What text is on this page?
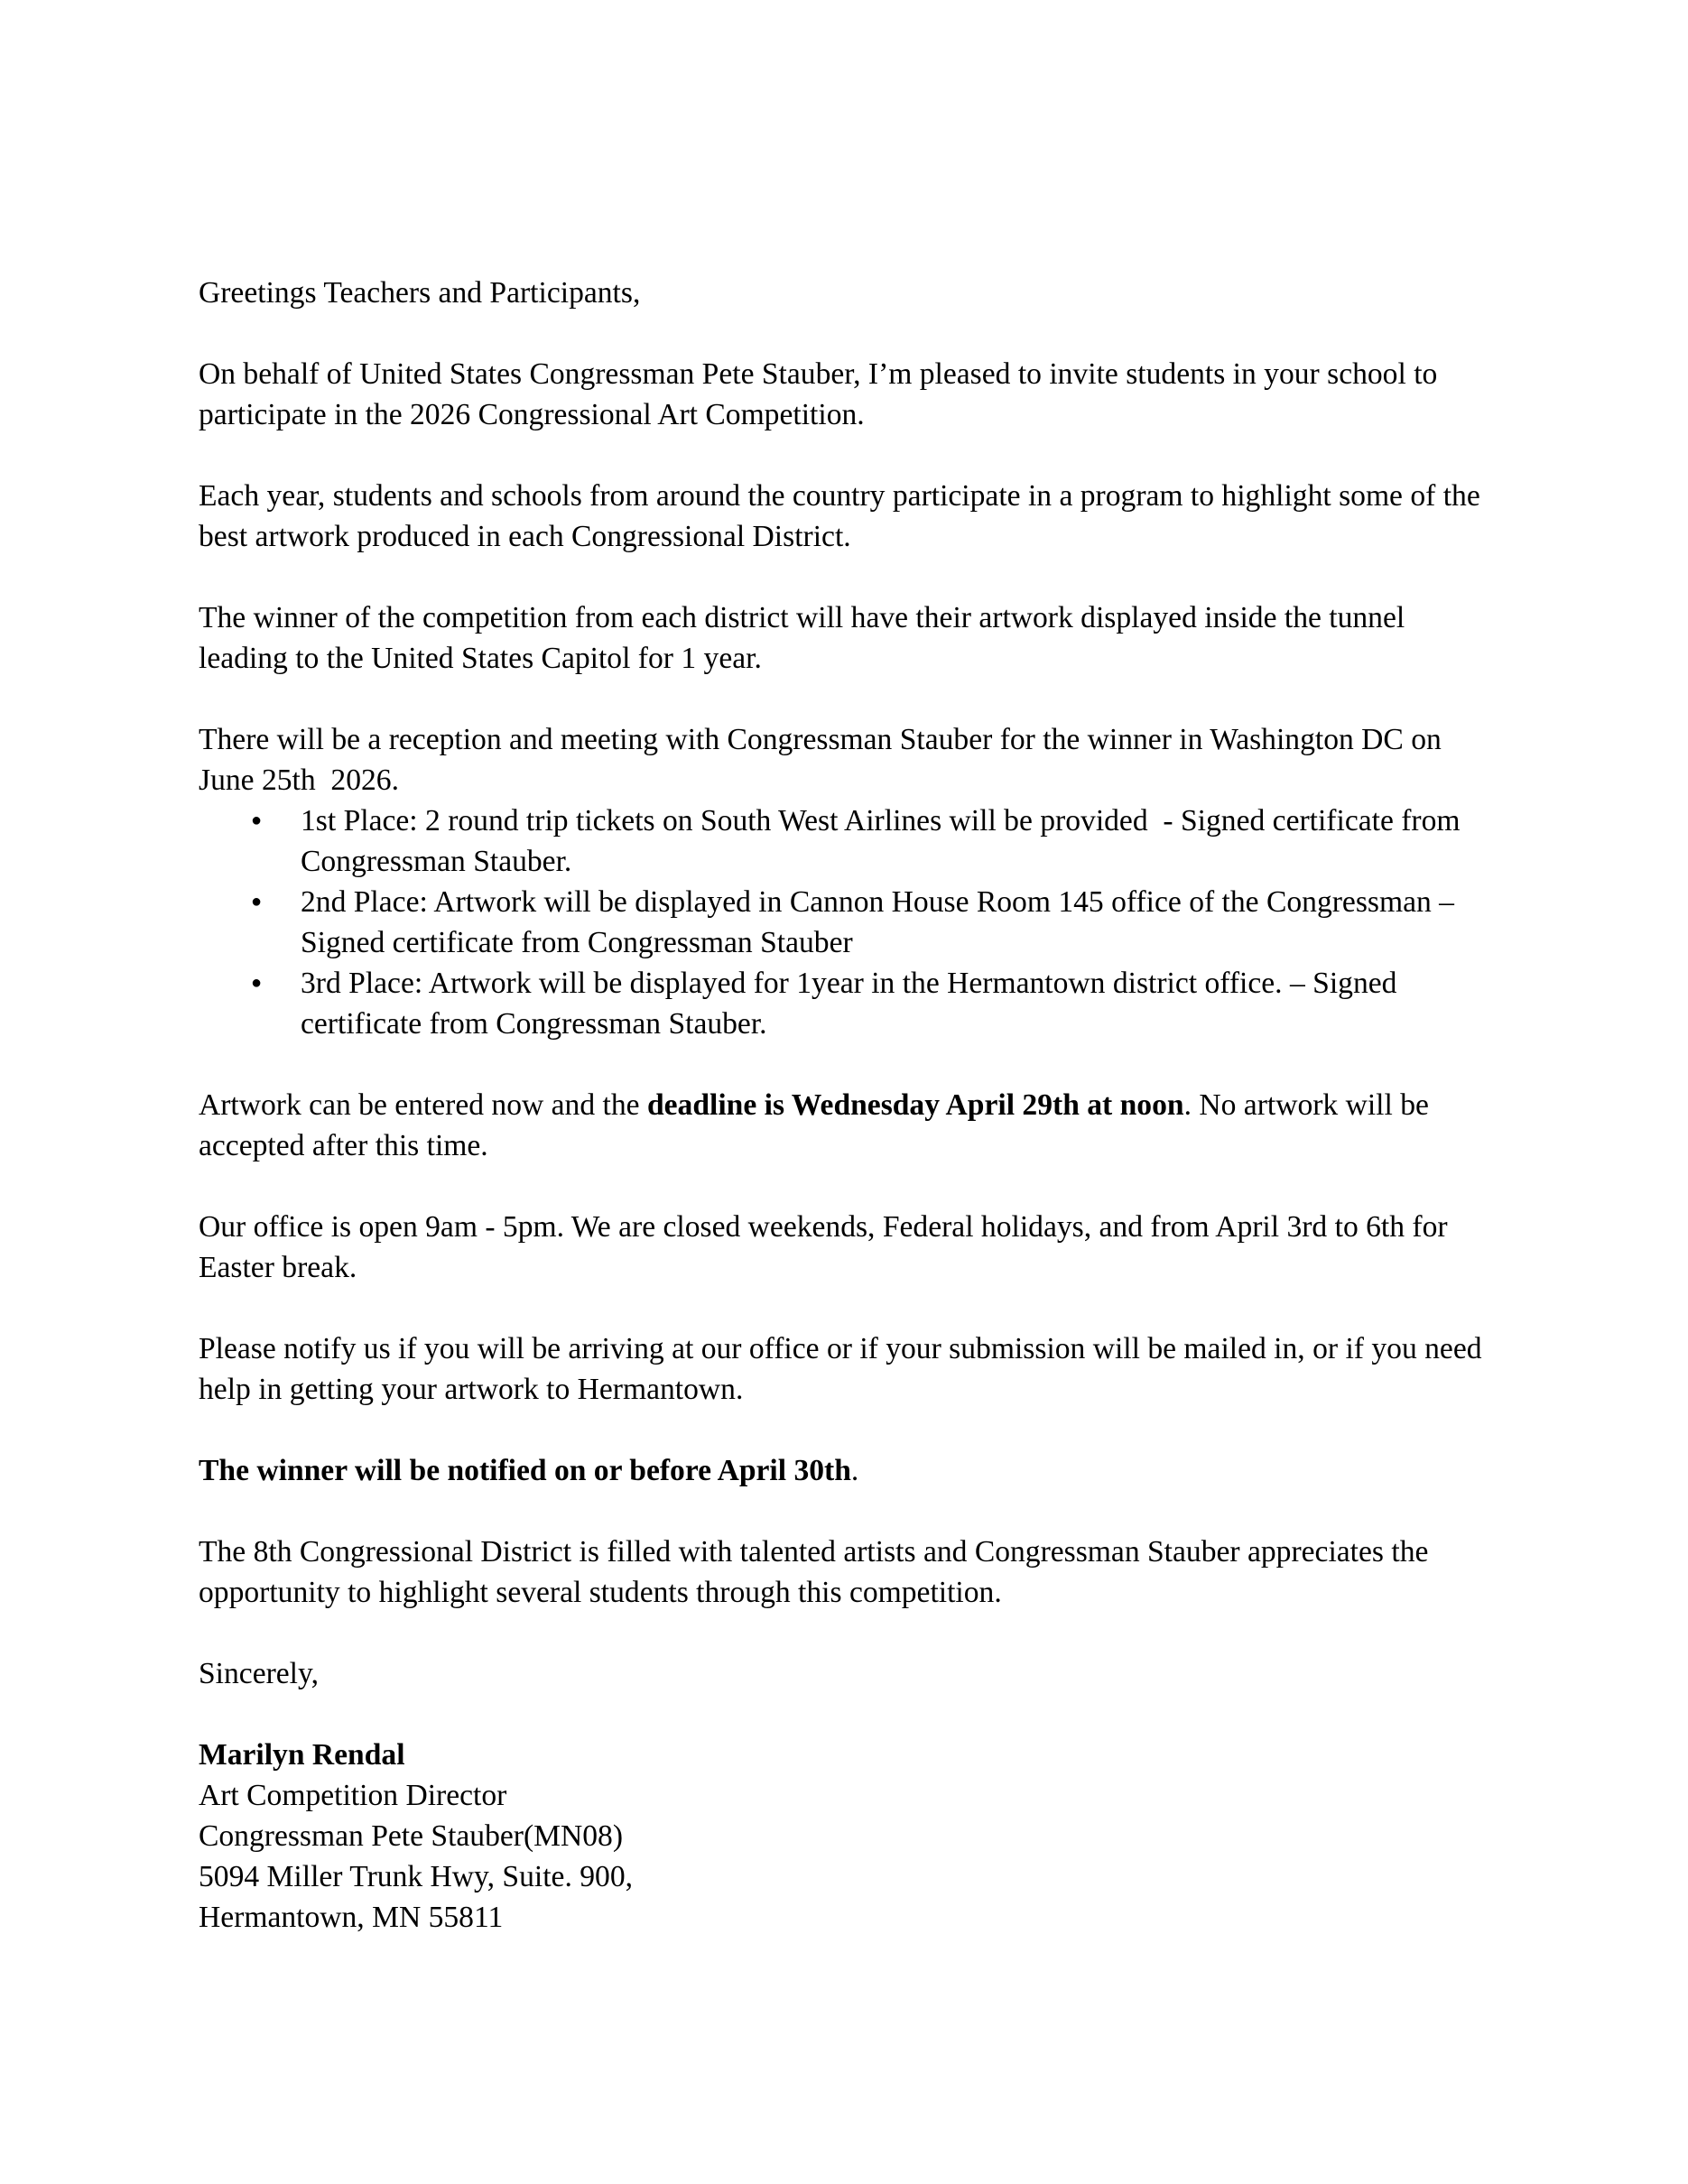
Greetings Teachers and Participants,

On behalf of United States Congressman Pete Stauber, I’m pleased to invite students in your school to participate in the 2026 Congressional Art Competition.

Each year, students and schools from around the country participate in a program to highlight some of the best artwork produced in each Congressional District.

The winner of the competition from each district will have their artwork displayed inside the tunnel leading to the United States Capitol for 1 year.

There will be a reception and meeting with Congressman Stauber for the winner in Washington DC on June 25th  2026.

● 1st Place: 2 round trip tickets on South West Airlines will be provided  - Signed certificate from Congressman Stauber.
● 2nd Place: Artwork will be displayed in Cannon House Room 145 office of the Congressman – Signed certificate from Congressman Stauber
● 3rd Place: Artwork will be displayed for 1year in the Hermantown district office. – Signed certificate from Congressman Stauber.

Artwork can be entered now and the deadline is Wednesday April 29th at noon. No artwork will be accepted after this time.

Our office is open 9am - 5pm. We are closed weekends, Federal holidays, and from April 3rd to 6th for Easter break.

Please notify us if you will be arriving at our office or if your submission will be mailed in, or if you need help in getting your artwork to Hermantown.

The winner will be notified on or before April 30th.

The 8th Congressional District is filled with talented artists and Congressman Stauber appreciates the opportunity to highlight several students through this competition.

Sincerely,

Marilyn Rendal
Art Competition Director
Congressman Pete Stauber(MN08)
5094 Miller Trunk Hwy, Suite. 900,
Hermantown, MN 55811
